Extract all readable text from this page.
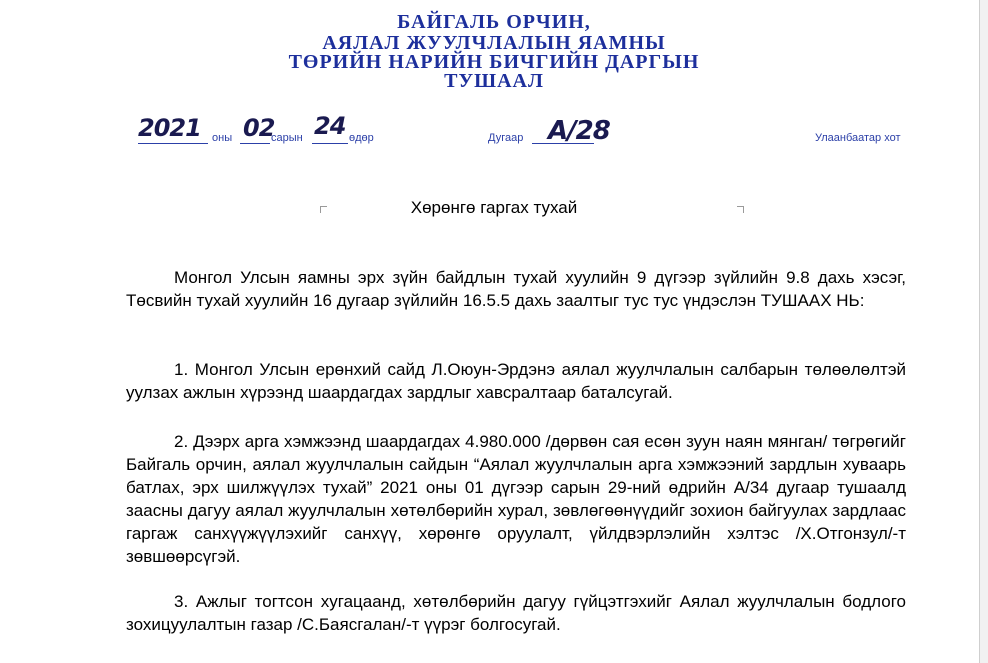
БАЙГАЛЬ ОРЧИН,
АЯЛАЛ ЖУУЛЧЛАЛЫН ЯАМНЫ
ТӨРИЙН НАРИЙН БИЧГИЙН ДАРГЫН
ТУШААЛ
2021 оны 02
сарын 24 өдөр	Дугаар А/28	Улаанбаатар хот
Хөрөнгө гаргах тухай
Монгол Улсын яамны эрх зүйн байдлын тухай хуулийн 9 дүгээр зүйлийн 9.8 дахь хэсэг, Төсвийн тухай хуулийн 16 дугаар зүйлийн 16.5.5 дахь заалтыг тус тус үндэслэн ТУШААХ НЬ:
1. Монгол Улсын ерөнхий сайд Л.Оюун-Эрдэнэ аялал жуулчлалын салбарын төлөөлөлтэй уулзах ажлын хүрээнд шаардагдах зардлыг хавсралтаар баталсугай.
2. Дээрх арга хэмжээнд шаардагдах 4.980.000 /дөрвөн сая есөн зуун наян мянган/ төгрөгийг Байгаль орчин, аялал жуулчлалын сайдын “Аялал жуулчлалын арга хэмжээний зардлын хуваарь батлах, эрх шилжүүлэх тухай” 2021 оны 01 дүгээр сарын 29-ний өдрийн А/34 дугаар тушаалд заасны дагуу аялал жуулчлалын хөтөлбөрийн хурал, зөвлөгөөнүүдийг зохион байгуулах зардлаас гаргаж санхүүжүүлэхийг санхүү, хөрөнгө оруулалт, үйлдвэрлэлийн хэлтэс /Х.Отгонзул/-т зөвшөөрсүгэй.
3. Ажлыг тогтсон хугацаанд, хөтөлбөрийн дагуу гүйцэтгэхийг Аялал жуулчлалын бодлого зохицуулалтын газар /С.Баясгалан/-т үүрэг болгосугай.
